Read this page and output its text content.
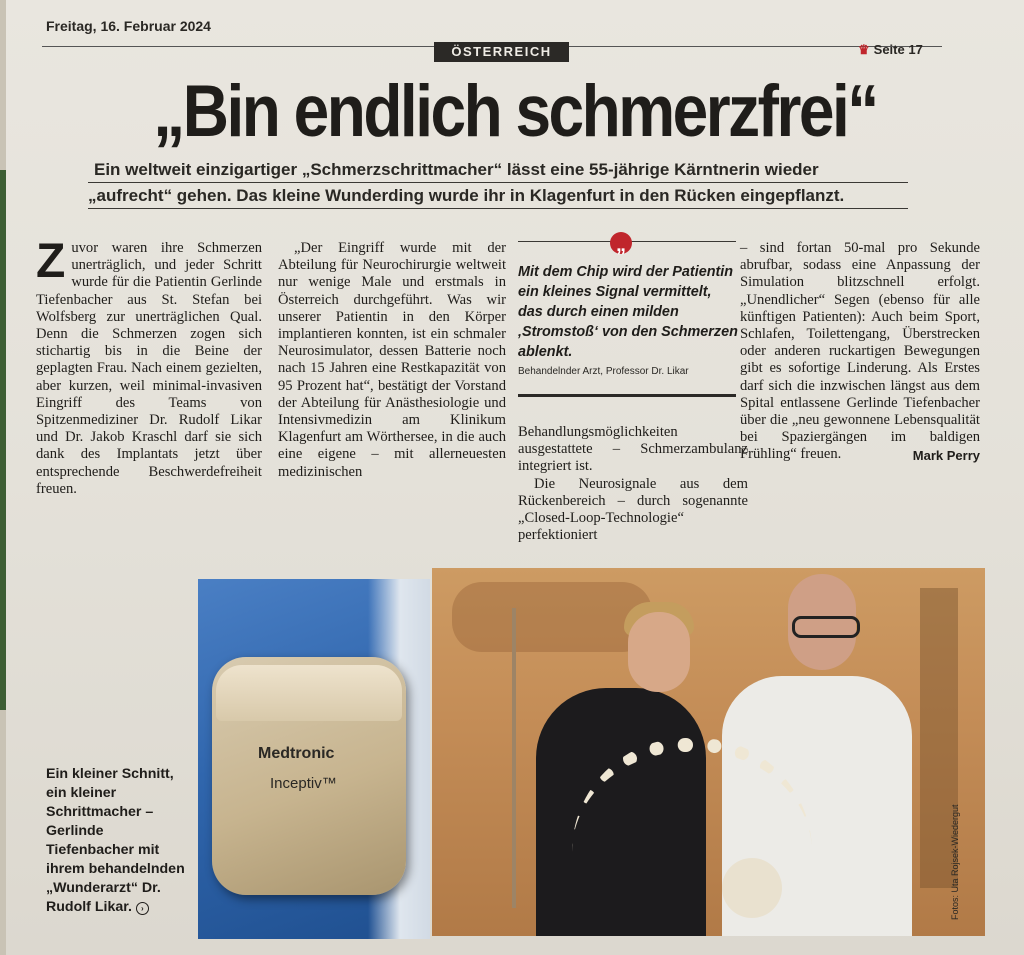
Freitag, 16. Februar 2024
ÖSTERREICH	♛ Seite 17
„Bin endlich schmerzfrei“
Ein weltweit einzigartiger „Schmerzschrittmacher“ lässt eine 55-jährige Kärntnerin wieder
„aufrecht“ gehen. Das kleine Wunderding wurde ihr in Klagenfurt in den Rücken eingepflanzt.
Z uvor waren ihre Schmerzen unerträglich, und jeder Schritt wurde für die Patientin Gerlinde Tiefenbacher aus St. Stefan bei Wolfsberg zur unerträglichen Qual. Denn die Schmerzen zogen sich stichartig bis in die Beine der geplagten Frau. Nach einem gezielten, aber kurzen, weil minimal-invasiven Eingriff des Teams von Spitzenmediziner Dr. Rudolf Likar und Dr. Jakob Kraschl darf sie sich dank des Implantats jetzt über entsprechende Beschwerdefreiheit freuen.

„Der Eingriff wurde mit der Abteilung für Neurochirurgie weltweit nur wenige Male und erstmals in Österreich durchgeführt. Was wir unserer Patientin in den Körper implantieren konnten, ist ein schmaler Neurosimulator, dessen Batterie noch nach 15 Jahren eine Restkapazität von 95 Prozent hat“, bestätigt der Vorstand der Abteilung für Anästhesiologie und Intensivmedizin am Klinikum Klagenfurt am Wörthersee, in die auch eine eigene – mit allerneuesten medizinischen

„
Mit dem Chip wird der Patientin ein kleines Signal vermittelt, das durch einen milden ‚Stromstoß‘ von den Schmerzen ablenkt.
Behandelnder Arzt, Professor Dr. Likar

Behandlungsmöglichkeiten ausgestattete – Schmerzambulanz integriert ist.

Die Neurosignale aus dem Rückenbereich – durch sogenannte „Closed-Loop-Technologie“ perfektioniert

– sind fortan 50-mal pro Sekunde abrufbar, sodass eine Anpassung der Simulation blitzschnell erfolgt. „Unendlicher“ Segen (ebenso für alle künftigen Patienten): Auch beim Sport, Schlafen, Toilettengang, Überstrecken oder anderen ruckartigen Bewegungen gibt es sofortige Linderung. Als Erstes darf sich die inzwischen längst aus dem Spital entlassene Gerlinde Tiefenbacher über die „neu gewonnene Lebensqualität bei Spaziergängen im baldigen Frühling“ freuen.	Mark Perry
Medtronic
Inceptiv™
Ein kleiner Schnitt, ein kleiner Schrittmacher – Gerlinde Tiefenbacher mit ihrem behandelnden „Wunderarzt“ Dr. Rudolf Likar. ›	Fotos: Uta Rojsek-Wiedergut
